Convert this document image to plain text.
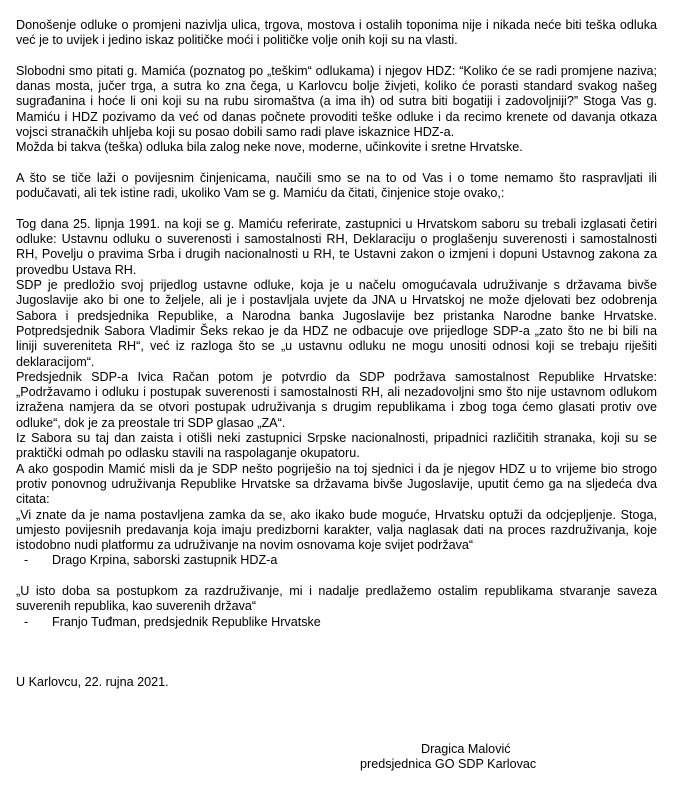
Donošenje odluke o promjeni nazivlja ulica, trgova, mostova i ostalih toponima nije i nikada neće biti teška odluka već je to uvijek i jedino iskaz političke moći i političke volje onih koji su na vlasti.

Slobodni smo pitati g. Mamića (poznatog po „teškim“ odlukama) i njegov HDZ: “Koliko će se radi promjene naziva; danas mosta, jučer trga, a sutra ko zna čega, u Karlovcu bolje živjeti, koliko će porasti standard svakog našeg sugrađanina i hoće li oni koji su na rubu siromaštva (a ima ih) od sutra biti bogatiji i zadovoljniji?” Stoga Vas g. Mamiću i HDZ pozivamo da već od danas počnete provoditi teške odluke i da recimo krenete od davanja otkaza vojsci stranačkih uhljeba koji su posao dobili samo radi plave iskaznice HDZ-a.

Možda bi takva (teška) odluka bila zalog neke nove, moderne, učinkovite i sretne Hrvatske.

A što se tiče laži o povijesnim činjenicama, naučili smo se na to od Vas i o tome nemamo što raspravljati ili podučavati, ali tek istine radi, ukoliko Vam se g. Mamiću da čitati, činjenice stoje ovako,:

Tog dana 25. lipnja 1991. na koji se g. Mamiću referirate, zastupnici u Hrvatskom saboru su trebali izglasati četiri odluke: Ustavnu odluku o suverenosti i samostalnosti RH, Deklaraciju o proglašenju suverenosti i samostalnosti RH, Povelju o pravima Srba i drugih nacionalnosti u RH, te Ustavni zakon o izmjeni i dopuni Ustavnog zakona za provedbu Ustava RH.

SDP je predložio svoj prijedlog ustavne odluke, koja je u načelu omogućavala udruživanje s državama bivše Jugoslavije ako bi one to željele, ali je i postavljala uvjete da JNA u Hrvatskoj ne može djelovati bez odobrenja Sabora i predsjednika Republike, a Narodna banka Jugoslavije bez pristanka Narodne banke Hrvatske. Potpredsjednik Sabora Vladimir Šeks rekao je da HDZ ne odbacuje ove prijedloge SDP-a „zato što ne bi bili na liniji suvereniteta RH“, već iz razloga što se „u ustavnu odluku ne mogu unositi odnosi koji se trebaju riješiti deklaracijom“.

Predsjednik SDP-a Ivica Račan potom je potvrdio da SDP podržava samostalnost Republike Hrvatske: „Podržavamo i odluku i postupak suverenosti i samostalnosti RH, ali nezadovoljni smo što nije ustavnom odlukom izražena namjera da se otvori postupak udruživanja s drugim republikama i zbog toga ćemo glasati protiv ove odluke“, dok je za preostale tri SDP glasao „ZA“.

Iz Sabora su taj dan zaista i otišli neki zastupnici Srpske nacionalnosti, pripadnici različitih stranaka, koji su se praktički odmah po odlasku stavili na raspolaganje okupatoru.

A ako gospodin Mamić misli da je SDP nešto pogriješio na toj sjednici i da je njegov HDZ u to vrijeme bio strogo protiv ponovnog udruživanja Republike Hrvatske sa državama bivše Jugoslavije, uputit ćemo ga na sljedeća dva citata:

„Vi znate da je nama postavljena zamka da se, ako ikako bude moguće, Hrvatsku optuži da odcjepljenje. Stoga, umjesto povijesnih predavanja koja imaju predizborni karakter, valja naglasak dati na proces razdruživanja, koje istodobno nudi platformu za udruživanje na novim osnovama koje svijet podržava“

- Drago Krpina, saborski zastupnik HDZ-a

„U isto doba sa postupkom za razdruživanje, mi i nadalje predlažemo ostalim republikama stvaranje saveza suverenih republika, kao suverenih država“

- Franjo Tuđman, predsjednik Republike Hrvatske

U Karlovcu, 22. rujna 2021.

Dragica Malović

predsjednica GO SDP Karlovac
